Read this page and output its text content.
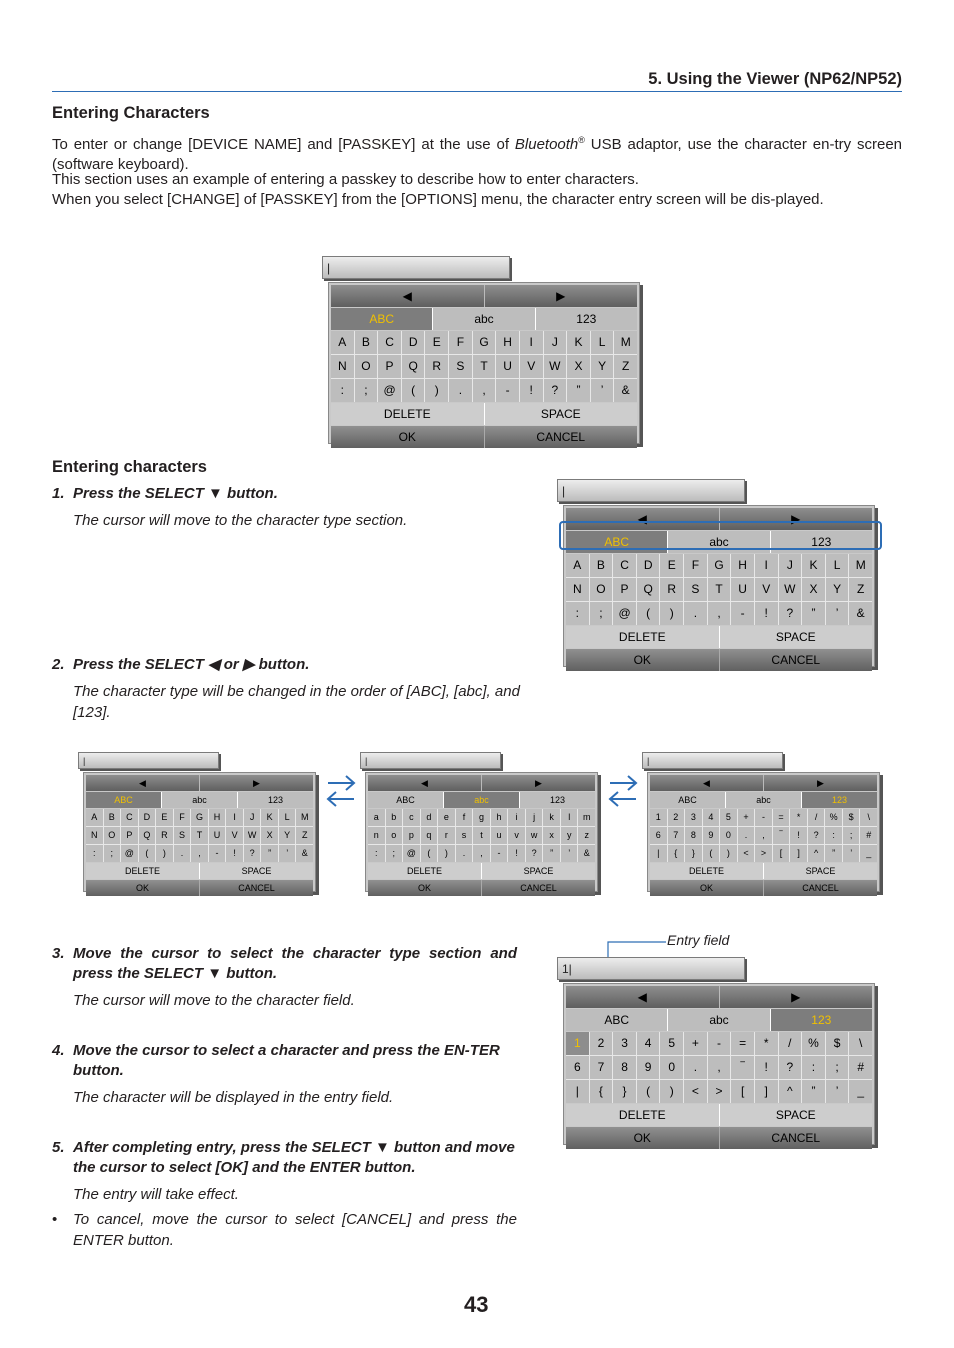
5. Using the Viewer (NP62/NP52)
Entering Characters
To enter or change [DEVICE NAME] and [PASSKEY] at the use of Bluetooth® USB adaptor, use the character en-try screen (software keyboard).
This section uses an example of entering a passkey to describe how to enter characters.
When you select [CHANGE] of [PASSKEY] from the [OPTIONS] menu, the character entry screen will be dis-played.
|
◀	▶
ABC	abc	123
A	B	C	D	E	F	G	H	I	J	K	L	M
N	O	P	Q	R	S	T	U	V	W	X	Y	Z
:	;	@	(	)	.	,	-	!	?	”	’	&
DELETE	SPACE
OK	CANCEL
Entering characters
1. Press the SELECT ▼ button.
The cursor will move to the character type section.
|
◀	▶
ABC	abc	123
A	B	C	D	E	F	G	H	I	J	K	L	M
N	O	P	Q	R	S	T	U	V	W	X	Y	Z
:	;	@	(	)	.	,	-	!	?	”	’	&
DELETE	SPACE
OK	CANCEL
2. Press the SELECT ◀ or ▶ button.
The character type will be changed in the order of [ABC], [abc], and [123].
|
◀	▶
ABC	abc	123
A	B	C	D	E	F	G	H	I	J	K	L	M
N	O	P	Q	R	S	T	U	V	W	X	Y	Z
:	;	@	(	)	.	,	-	!	?	”	’	&
DELETE	SPACE
OK	CANCEL
|
◀	▶
ABC	abc	123
a	b	c	d	e	f	g	h	i	j	k	l	m
n	o	p	q	r	s	t	u	v	w	x	y	z
:	;	@	(	)	.	,	-	!	?	”	’	&
DELETE	SPACE
OK	CANCEL
|
◀	▶
ABC	abc	123
1	2	3	4	5	+	-	=	*	/	%	$	\
6	7	8	9	0	.	,	‾	!	?	:	;	#
|	{	}	(	)	<	>	[	]	^	”	’	_
DELETE	SPACE
OK	CANCEL
3. Move the cursor to select the character type section and press the SELECT ▼ button.
The cursor will move to the character field.
4. Move the cursor to select a character and press the EN-TER button.
The character will be displayed in the entry field.
5. After completing entry, press the SELECT ▼ button and move the cursor to select [OK] and the ENTER button.
The entry will take effect.
• To cancel, move the cursor to select [CANCEL] and press the ENTER button.
Entry field
1|
◀	▶
ABC	abc	123
1	2	3	4	5	+	-	=	*	/	%	$	\
6	7	8	9	0	.	,	‾	!	?	:	;	#
|	{	}	(	)	<	>	[	]	^	”	’	_
DELETE	SPACE
OK	CANCEL
43
